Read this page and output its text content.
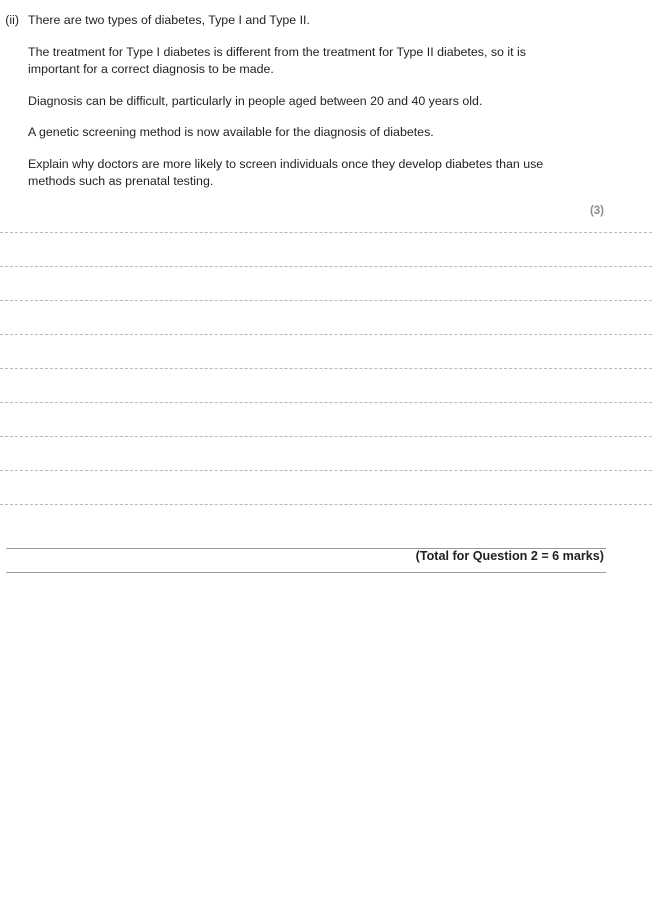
(ii) There are two types of diabetes, Type I and Type II.
The treatment for Type I diabetes is different from the treatment for Type II diabetes, so it is important for a correct diagnosis to be made.
Diagnosis can be difficult, particularly in people aged between 20 and 40 years old.
A genetic screening method is now available for the diagnosis of diabetes.
Explain why doctors are more likely to screen individuals once they develop diabetes than use methods such as prenatal testing.
(3)
(Total for Question 2 = 6 marks)
